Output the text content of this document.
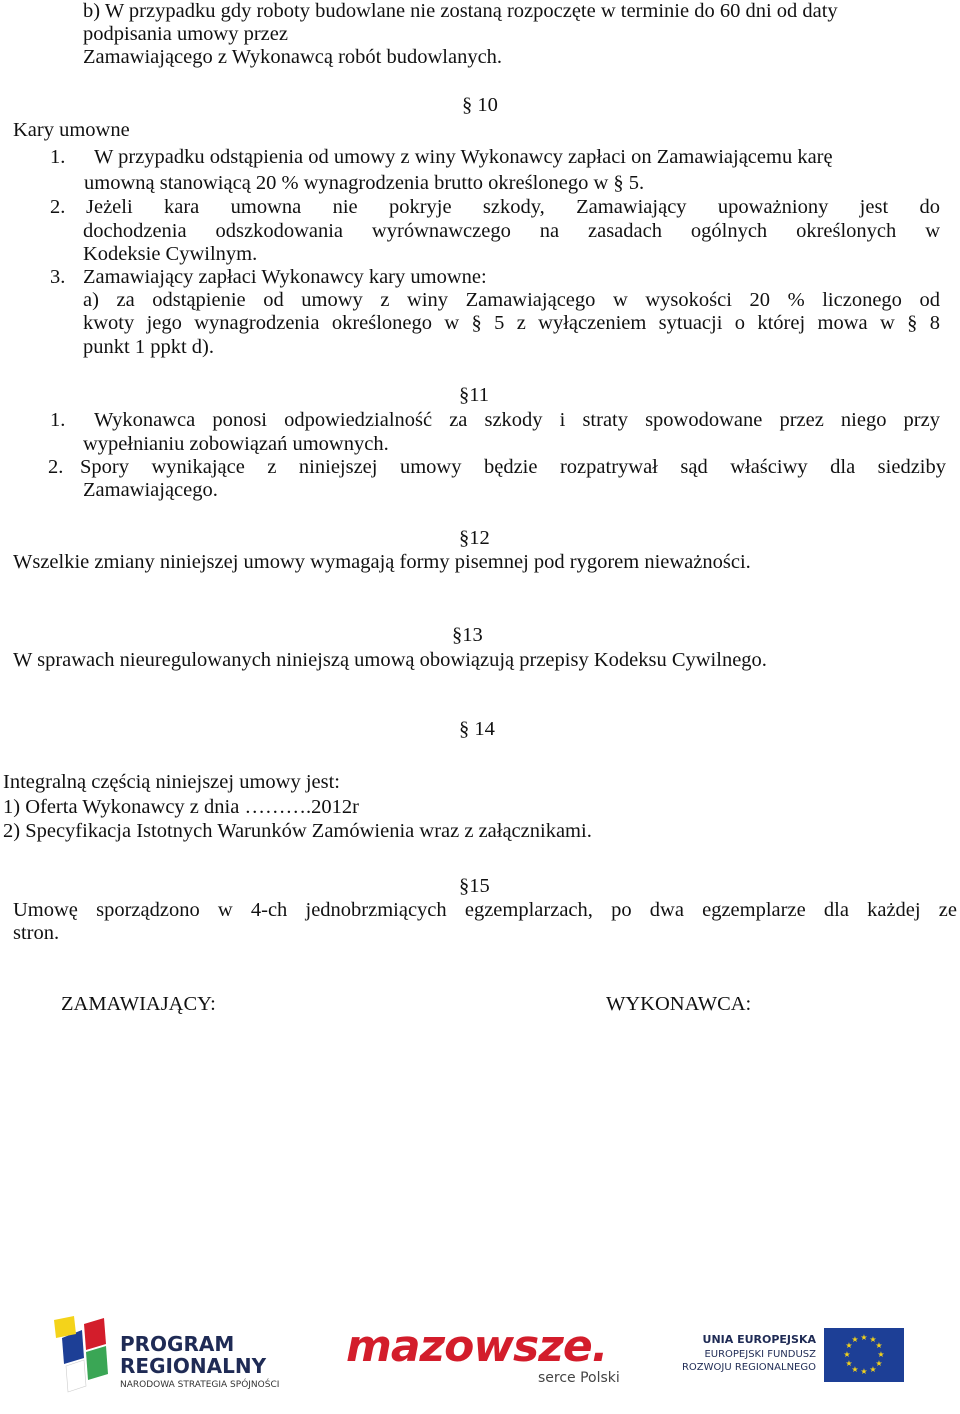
b) W przypadku gdy roboty budowlane nie zostaną rozpoczęte w terminie do 60 dni od daty
podpisania umowy przez
Zamawiającego z Wykonawcą robót budowlanych.
§ 10
Kary umowne
1. W przypadku odstąpienia od umowy z winy Wykonawcy zapłaci on Zamawiającemu karę
umowną stanowiącą 20 % wynagrodzenia brutto określonego w § 5.
2. Jeżeli kara umowna nie pokryje szkody, Zamawiający upoważniony jest do
dochodzenia odszkodowania wyrównawczego na zasadach ogólnych określonych w
Kodeksie Cywilnym.
3. Zamawiający zapłaci Wykonawcy kary umowne:
a) za odstąpienie od umowy z winy Zamawiającego w wysokości 20 % liczonego od
kwoty jego wynagrodzenia określonego w § 5 z wyłączeniem sytuacji o której mowa w § 8
punkt 1 ppkt d).
§11
1. Wykonawca ponosi odpowiedzialność za szkody i straty spowodowane przez niego przy
wypełnianiu zobowiązań umownych.
2. Spory wynikające z niniejszej umowy będzie rozpatrywał sąd właściwy dla siedziby
Zamawiającego.
§12
Wszelkie zmiany niniejszej umowy wymagają formy pisemnej pod rygorem nieważności.
§13
W sprawach nieuregulowanych niniejszą umową obowiązują przepisy Kodeksu Cywilnego.
§ 14
Integralną częścią niniejszej umowy jest:
1) Oferta Wykonawcy z dnia ……….2012r
2) Specyfikacja Istotnych Warunków Zamówienia wraz z załącznikami.
§15
Umowę sporządzono w 4-ch jednobrzmiących egzemplarzach, po dwa egzemplarze dla każdej ze
stron.
ZAMAWIAJĄCY:	WYKONAWCA:
PROGRAM
REGIONALNY
NARODOWA STRATEGIA SPÓJNOŚCI
mazowsze.
serce Polski
UNIA EUROPEJSKA
EUROPEJSKI FUNDUSZ
ROZWOJU REGIONALNEGO
★ ★
★
★
★
★
★
★
★
★
★
★
